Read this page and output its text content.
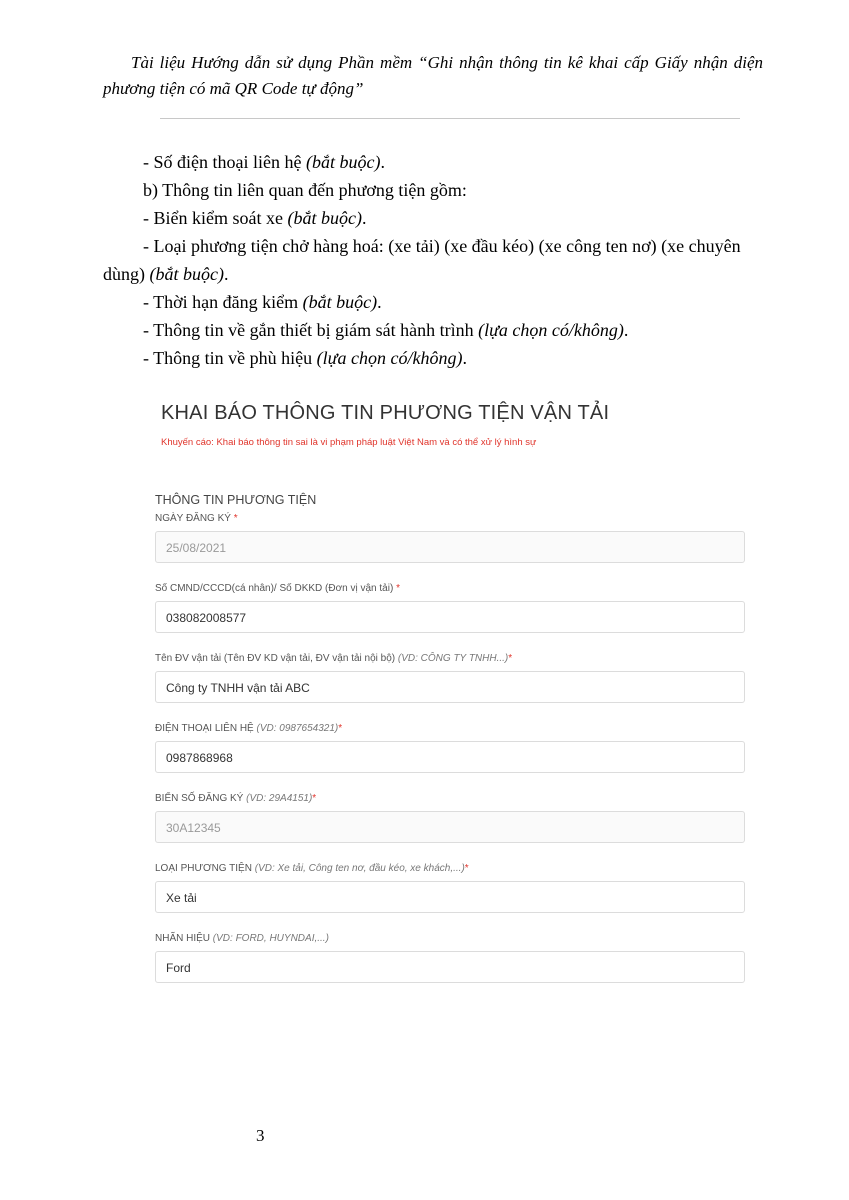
Tài liệu Hướng dẫn sử dụng Phần mềm “Ghi nhận thông tin kê khai cấp Giấy nhận diện phương tiện có mã QR Code tự động”

- Số điện thoại liên hệ (bắt buộc).

b) Thông tin liên quan đến phương tiện gồm:

- Biển kiểm soát xe (bắt buộc).

- Loại phương tiện chở hàng hoá: (xe tải) (xe đầu kéo) (xe công ten nơ) (xe chuyên dùng) (bắt buộc).

- Thời hạn đăng kiểm (bắt buộc).

- Thông tin về gắn thiết bị giám sát hành trình (lựa chọn có/không).

- Thông tin về phù hiệu (lựa chọn có/không).

KHAI BÁO THÔNG TIN PHƯƠNG TIỆN VẬN TẢI
Khuyến cáo: Khai báo thông tin sai là vi phạm pháp luật Việt Nam và có thể xử lý hình sự
THÔNG TIN PHƯƠNG TIỆN
NGÀY ĐĂNG KÝ *
25/08/2021
Số CMND/CCCD(cá nhân)/ Số DKKD (Đơn vị vận tải) *
038082008577
Tên ĐV vận tải (Tên ĐV KD vận tải, ĐV vận tải nội bộ) (VD: CÔNG TY TNHH...)*
Công ty TNHH vận tải ABC
ĐIỆN THOẠI LIÊN HỆ (VD: 0987654321)*
0987868968
BIỂN SỐ ĐĂNG KÝ (VD: 29A4151)*
30A12345
LOẠI PHƯƠNG TIỆN (VD: Xe tải, Công ten nơ, đầu kéo, xe khách,...)*
Xe tải
NHÃN HIỆU (VD: FORD, HUYNDAI,...)
Ford
3
